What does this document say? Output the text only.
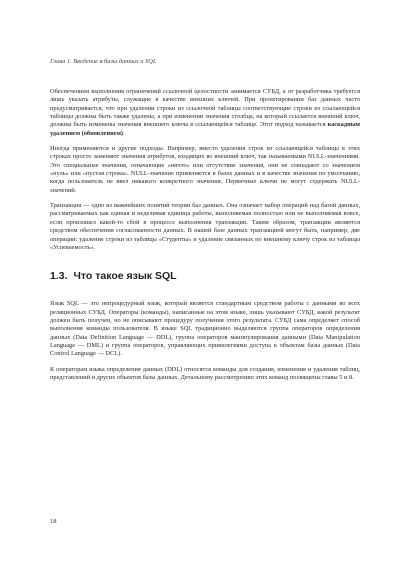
Глава 1. Введение в базы данных и SQL

Обеспечением выполнения ограничений ссылочной целостности занимается СУБД, а от разработчика требуется лишь указать атрибуты, служащие в качестве внешних ключей. При проектировании баз данных часто предусматривается, что при удалении строки из ссылочной таблицы соответствующие строки из ссылающейся таблицы должны быть также удалены, а при изменении значения столбца, на который ссылается внешний ключ, должны быть изменены значения внешнего ключа в ссылающейся таблице. Этот подход называется каскадным удалением (обновлением).

Иногда применяются и другие подходы. Например, вместо удаления строк из ссылающейся таблицы в этих строках просто заменяют значения атрибутов, входящих во внешний ключ, так называемыми NULL-значениями. Это специальные значения, означающие «ничто» или отсутствие значения, они не совпадают со значением «нуль» или «пустая строка». NULL-значение применяется в базах данных и в качестве значения по умолчанию, когда пользователь не ввел никакого конкретного значения. Первичные ключи не могут содержать NULL-значений.

Транзакция — одно из важнейших понятий теории баз данных. Она означает набор операций над базой данных, рассматриваемых как единая и неделимая единица работы, выполняемая полностью или не выполняемая вовсе, если произошел какой-то сбой в процессе выполнения транзакции. Таким образом, транзакции являются средством обеспечения согласованности данных. В нашей базе данных транзакцией могут быть, например, две операции: удаление строки из таблицы «Студенты» и удаление связанных по внешнему ключу строк из таблицы «Успеваемость».

1.3. Что такое язык SQL

Язык SQL — это непроцедурный язык, который является стандартным средством работы с данными во всех реляционных СУБД. Операторы (команды), написанные на этом языке, лишь указывают СУБД, какой результат должен быть получен, но не описывают процедуру получения этого результата. СУБД сама определяет способ выполнения команды пользователя. В языке SQL традиционно выделяются группа операторов определения данных (Data Definition Language — DDL), группа операторов манипулирования данными (Data Manipulation Language — DML) и группа операторов, управляющих привилегиями доступа к объектам базы данных (Data Control Language — DCL).

К операторам языка определения данных (DDL) относятся команды для создания, изменения и удаления таблиц, представлений и других объектов базы данных. Детальному рассмотрению этих команд посвящены главы 5 и 8.

18
